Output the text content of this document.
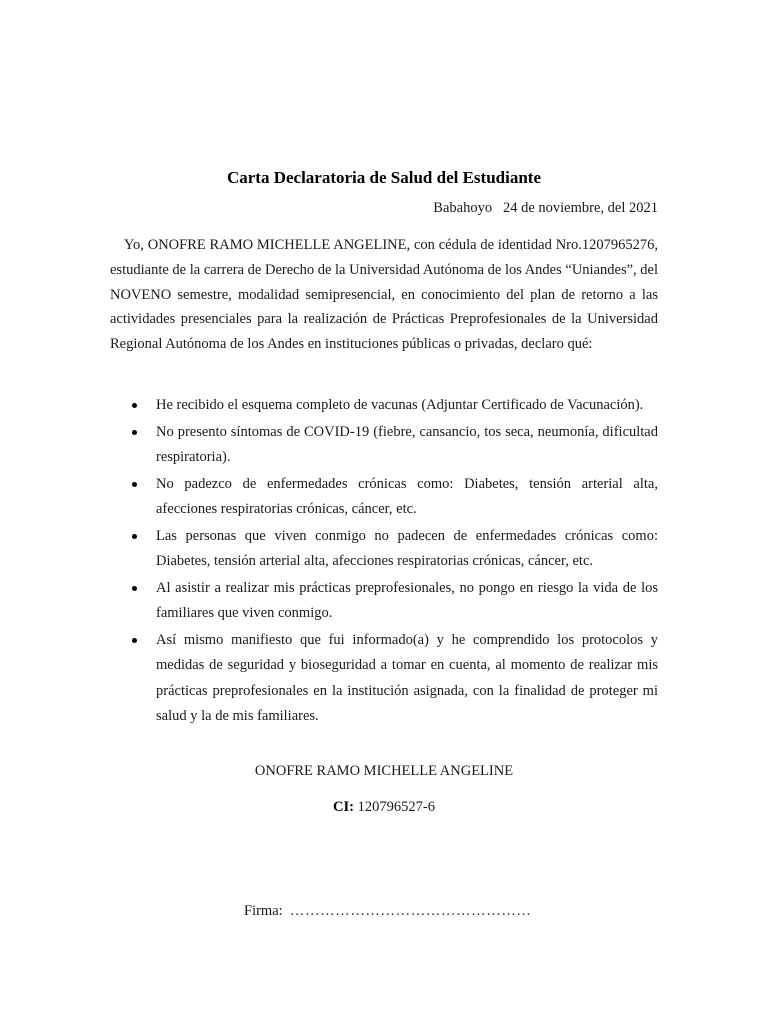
Carta Declaratoria de Salud del Estudiante
Babahoyo   24 de noviembre, del 2021

Yo, ONOFRE RAMO MICHELLE ANGELINE, con cédula de identidad Nro.1207965276, estudiante de la carrera de Derecho de la Universidad Autónoma de los Andes “Uniandes”, del NOVENO semestre, modalidad semipresencial, en conocimiento del plan de retorno a las actividades presenciales para la realización de Prácticas Preprofesionales de la Universidad Regional Autónoma de los Andes en instituciones públicas o privadas, declaro qué:

He recibido el esquema completo de vacunas (Adjuntar Certificado de Vacunación).
No presento síntomas de COVID-19 (fiebre, cansancio, tos seca, neumonía, dificultad respiratoria).
No padezco de enfermedades crónicas como: Diabetes, tensión arterial alta, afecciones respiratorias crónicas, cáncer, etc.
Las personas que viven conmigo no padecen de enfermedades crónicas como: Diabetes, tensión arterial alta, afecciones respiratorias crónicas, cáncer, etc.
Al asistir a realizar mis prácticas preprofesionales, no pongo en riesgo la vida de los familiares que viven conmigo.
Así mismo manifiesto que fui informado(a) y he comprendido los protocolos y medidas de seguridad y bioseguridad a tomar en cuenta, al momento de realizar mis prácticas preprofesionales en la institución asignada, con la finalidad de proteger mi salud y la de mis familiares.
ONOFRE RAMO MICHELLE ANGELINE
CI: 120796527-6
Firma:  …………………………………………
